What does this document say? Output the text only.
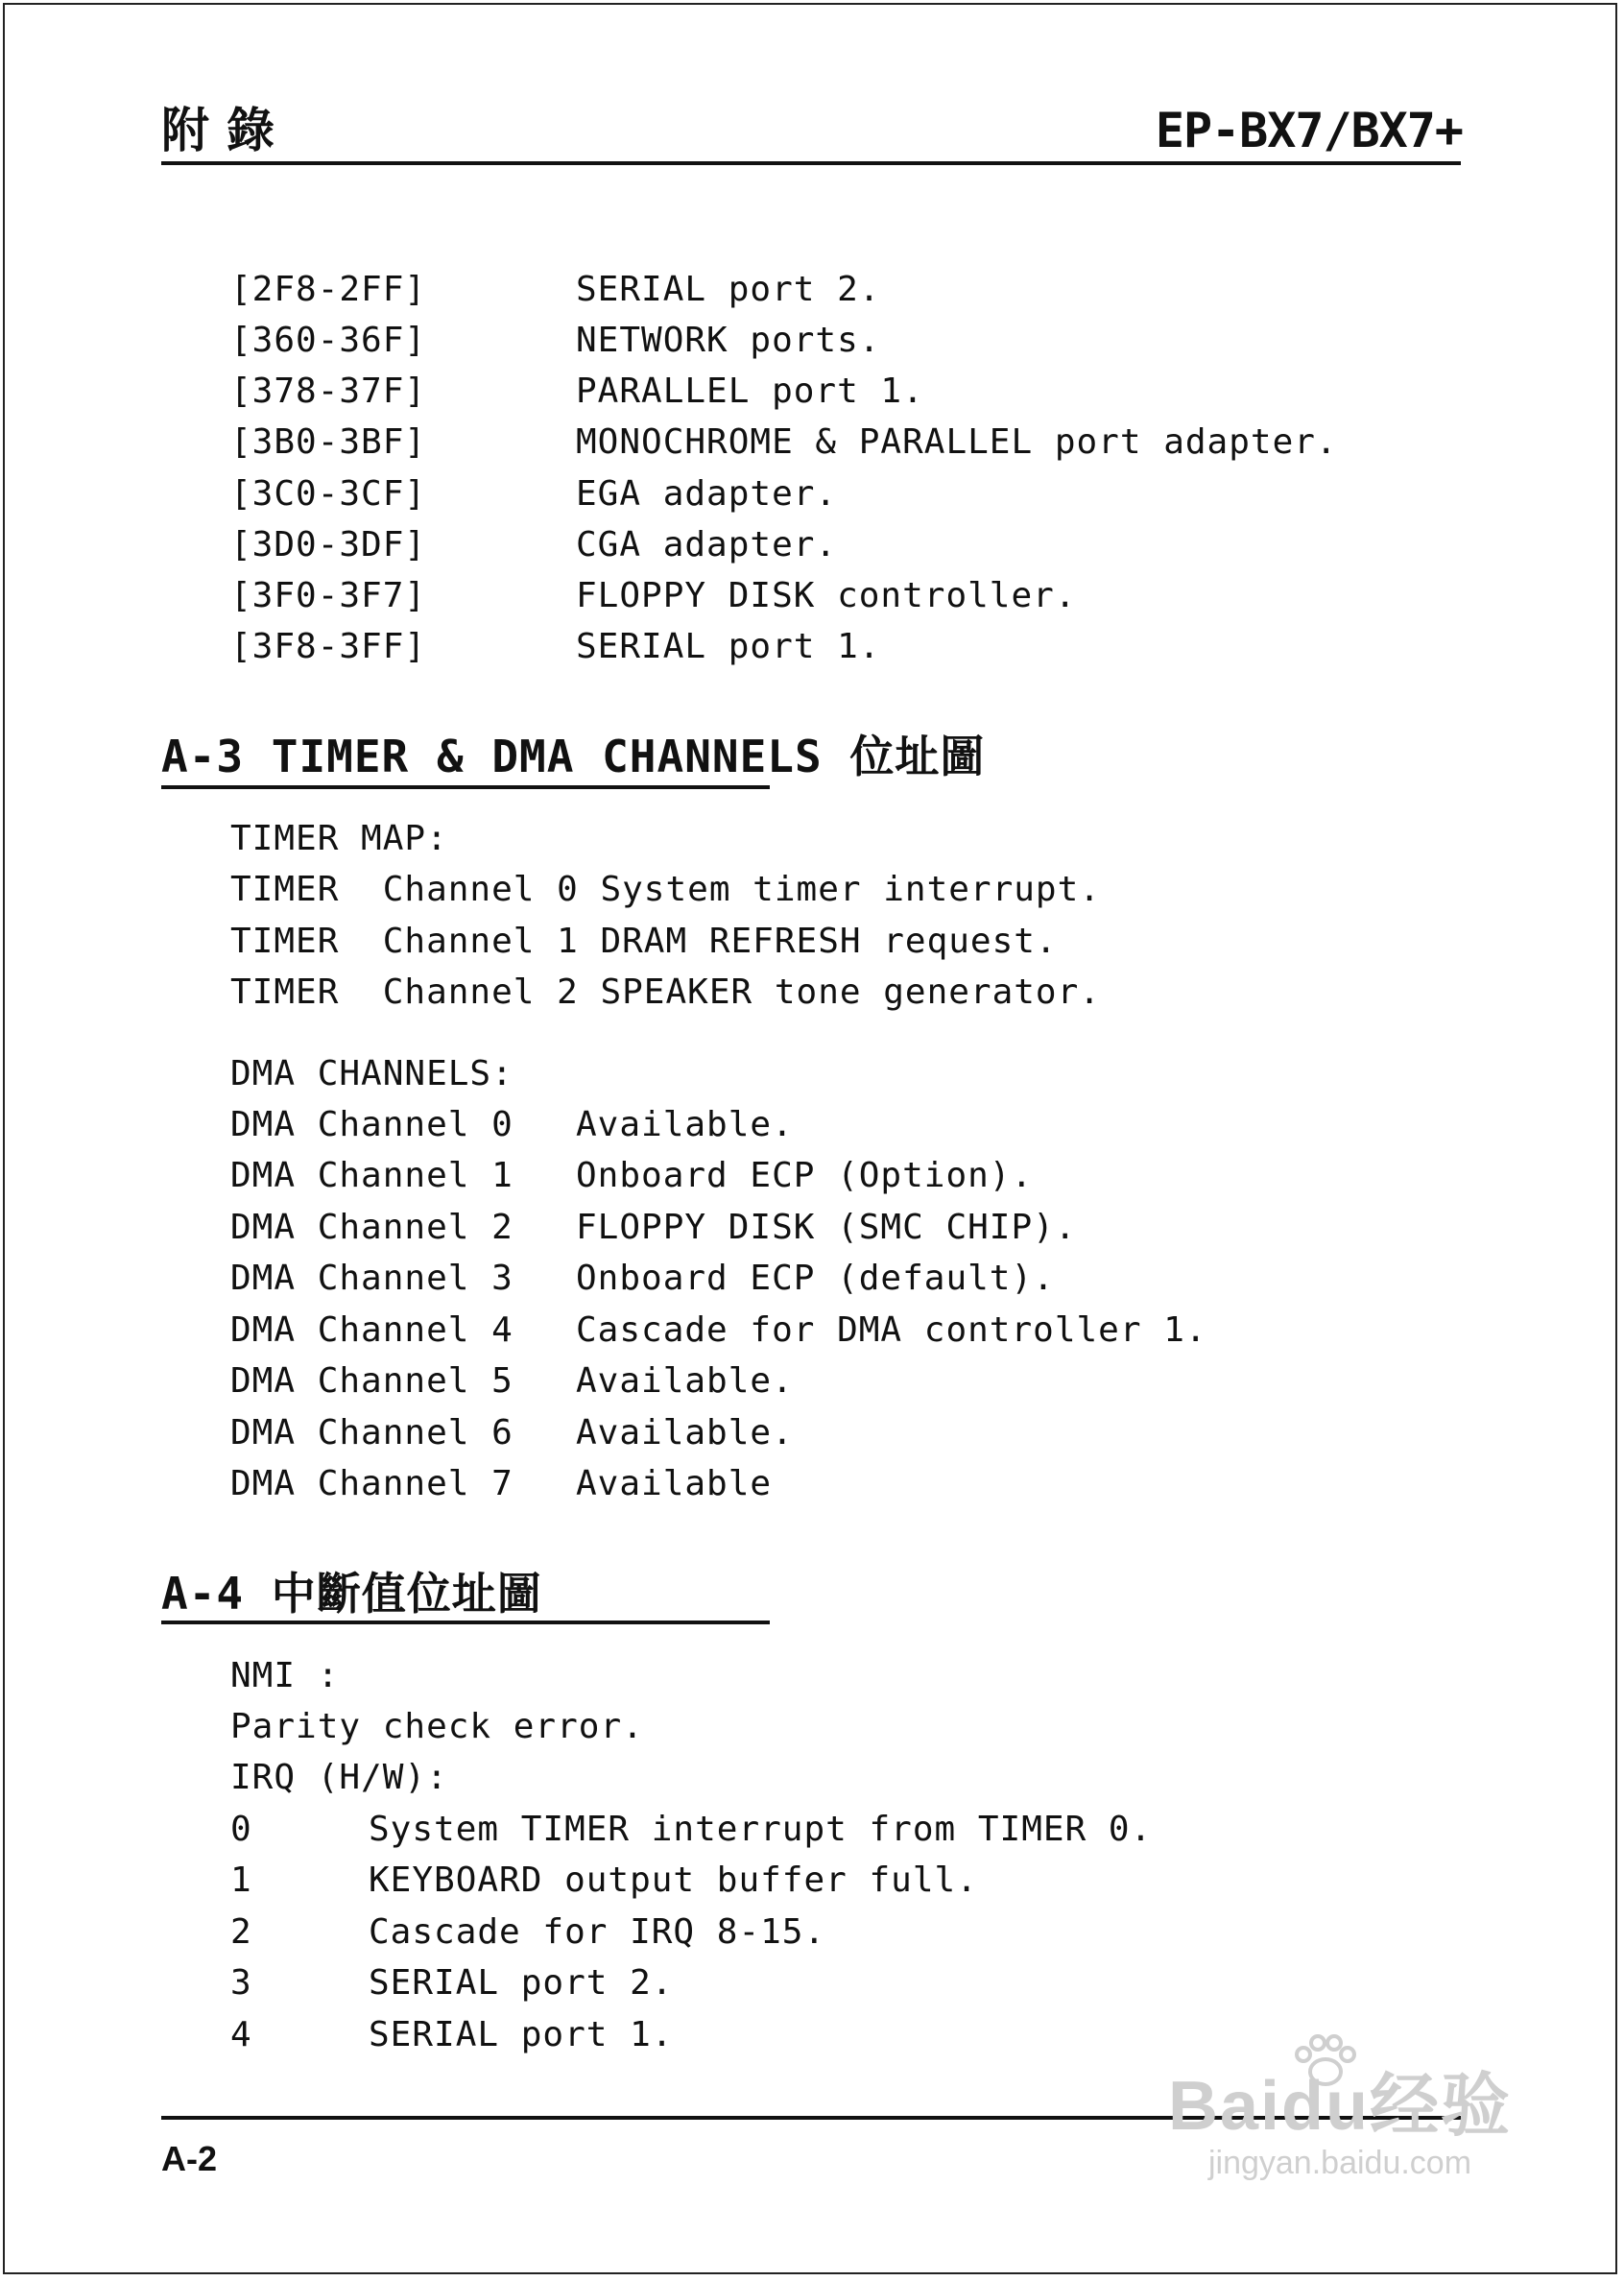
附錄	EP-BX7/BX7+
[2F8-2FF]	SERIAL port 2.
[360-36F]	NETWORK ports.
[378-37F]	PARALLEL port 1.
[3B0-3BF]	MONOCHROME & PARALLEL port adapter.
[3C0-3CF]	EGA adapter.
[3D0-3DF]	CGA adapter.
[3F0-3F7]	FLOPPY DISK controller.
[3F8-3FF]	SERIAL port 1.
A-3 TIMER & DMA CHANNELS 位址圖
TIMER MAP:
TIMER  Channel 0 System timer interrupt.
TIMER  Channel 1 DRAM REFRESH request.
TIMER  Channel 2 SPEAKER tone generator.
DMA CHANNELS:
DMA Channel 0 Available.
DMA Channel 1 Onboard ECP (Option).
DMA Channel 2 FLOPPY DISK (SMC CHIP).
DMA Channel 3 Onboard ECP (default).
DMA Channel 4 Cascade for DMA controller 1.
DMA Channel 5 Available.
DMA Channel 6 Available.
DMA Channel 7 Available
A-4 中斷值位址圖
NMI :
Parity check error.
IRQ (H/W):
0	System TIMER interrupt from TIMER 0.
1	KEYBOARD output buffer full.
2	Cascade for IRQ 8-15.
3	SERIAL port 2.
4	SERIAL port 1.
A-2
Baidu经验
jingyan.baidu.com
